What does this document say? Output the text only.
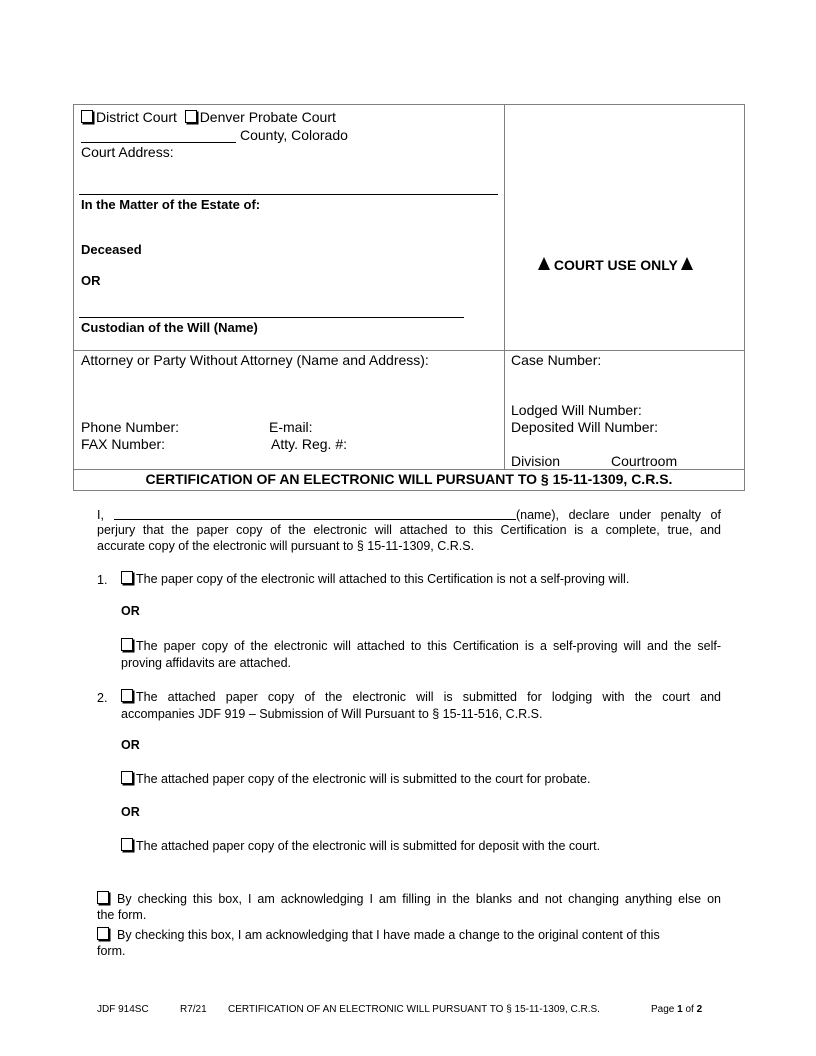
District Court Denver Probate Court
County, Colorado
Court Address:
In the Matter of the Estate of:
Deceased
OR
Custodian of the Will (Name)
COURT USE ONLY
Attorney or Party Without Attorney (Name and Address):
Phone Number:	E-mail:
FAX Number:	Atty. Reg. #:
Case Number:
Lodged Will Number:
Deposited Will Number:
Division	Courtroom
CERTIFICATION OF AN ELECTRONIC WILL PURSUANT TO § 15-11-1309, C.R.S.
I,	(name), declare under penalty of
perjury that the paper copy of the electronic will attached to this Certification is a complete, true, and
accurate copy of the electronic will pursuant to § 15-11-1309, C.R.S.
1.	The paper copy of the electronic will attached to this Certification is not a self-proving will.
OR
The paper copy of the electronic will attached to this Certification is a self-proving will and the self-
proving affidavits are attached.
2. The attached paper copy of the electronic will is submitted for lodging with the court and
accompanies JDF 919 – Submission of Will Pursuant to § 15-11-516, C.R.S.
OR
The attached paper copy of the electronic will is submitted to the court for probate.
OR
The attached paper copy of the electronic will is submitted for deposit with the court.
By checking this box, I am acknowledging I am filling in the blanks and not changing anything else on
the form.
By checking this box, I am acknowledging that I have made a change to the original content of this
form.
JDF 914SC	R7/21 CERTIFICATION OF AN ELECTRONIC WILL PURSUANT TO § 15-11-1309, C.R.S.	Page 1 of 2
